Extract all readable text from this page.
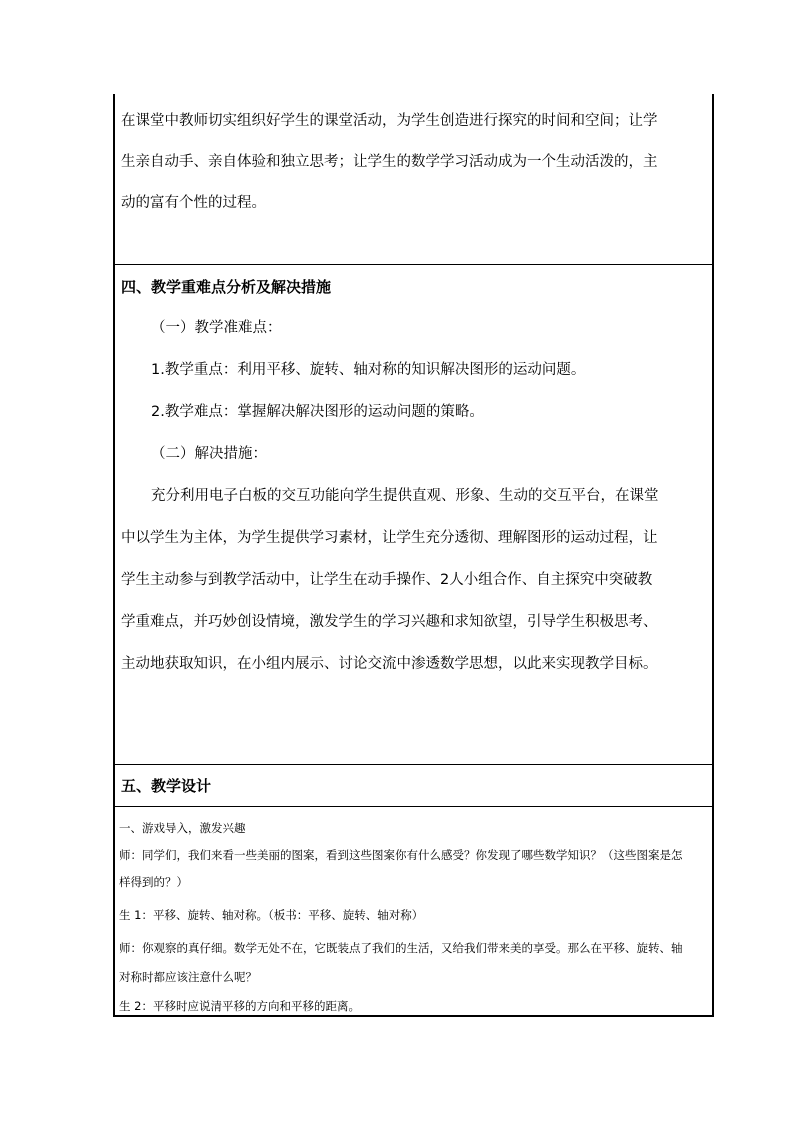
在课堂中教师切实组织好学生的课堂活动，为学生创造进行探究的时间和空间；让学

生亲自动手、亲自体验和独立思考；让学生的数学学习活动成为一个生动活泼的，主

动的富有个性的过程。

四、教学重难点分析及解决措施

（一）教学准难点：

1.教学重点：利用平移、旋转、轴对称的知识解决图形的运动问题。

2.教学难点：掌握解决解决图形的运动问题的策略。

（二）解决措施：

充分利用电子白板的交互功能向学生提供直观、形象、生动的交互平台，在课堂

中以学生为主体，为学生提供学习素材，让学生充分透彻、理解图形的运动过程，让

学生主动参与到教学活动中，让学生在动手操作、2人小组合作、自主探究中突破教

学重难点，并巧妙创设情境，激发学生的学习兴趣和求知欲望，引导学生积极思考、

主动地获取知识，在小组内展示、讨论交流中渗透数学思想，以此来实现教学目标。

五、教学设计

一、游戏导入，激发兴趣

师：同学们，我们来看一些美丽的图案，看到这些图案你有什么感受？你发现了哪些数学知识？（这些图案是怎

样得到的？）

生 1：平移、旋转、轴对称。（板书：平移、旋转、轴对称）

师：你观察的真仔细。数学无处不在，它既装点了我们的生活，又给我们带来美的享受。那么在平移、旋转、轴

对称时都应该注意什么呢？

生 2：平移时应说清平移的方向和平移的距离。
